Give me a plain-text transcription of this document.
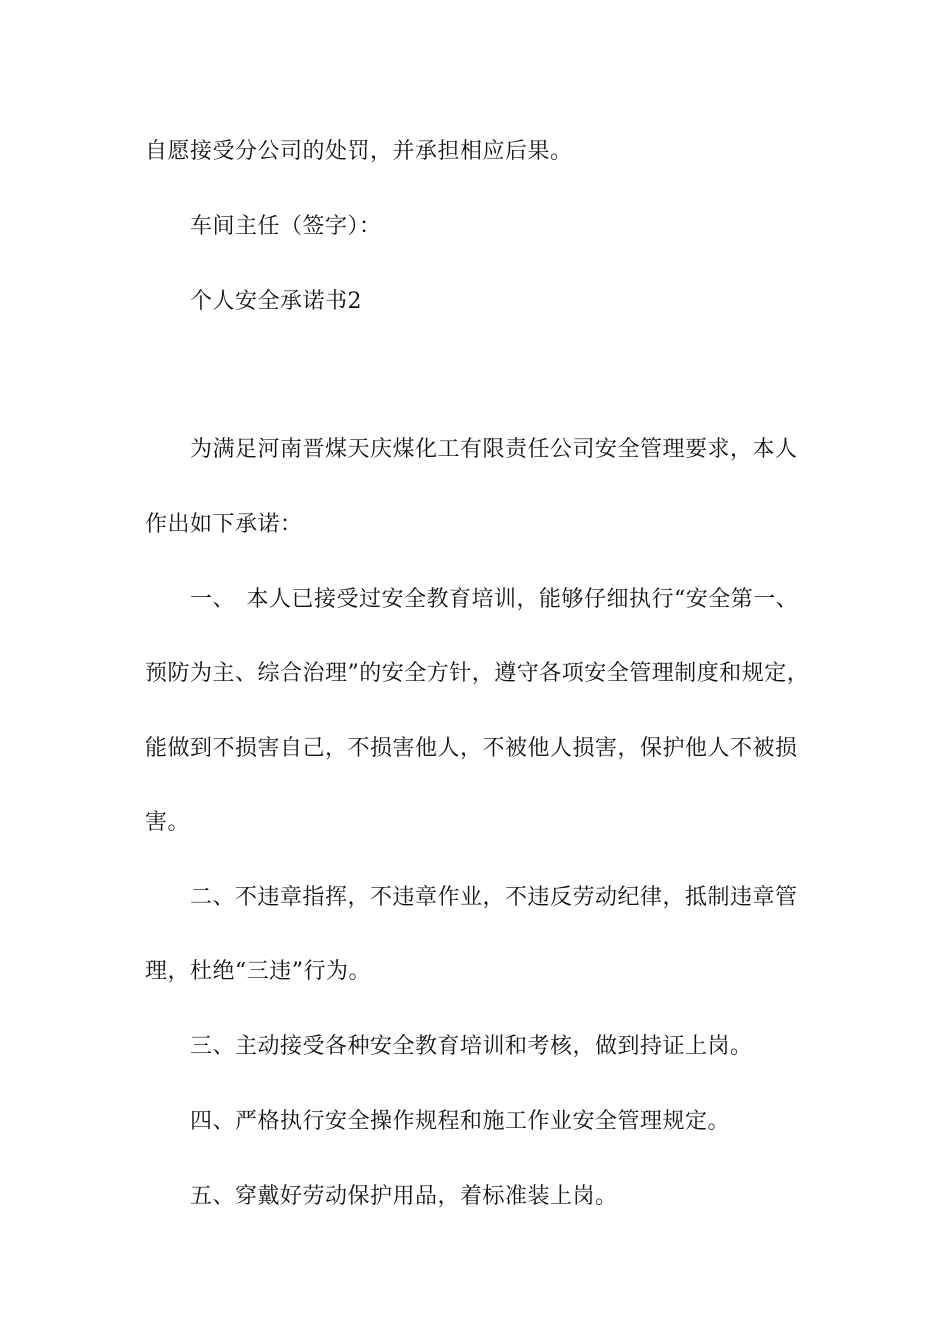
自愿接受分公司的处罚，并承担相应后果。
车间主任（签字）：
个人安全承诺书2
为满足河南晋煤天庆煤化工有限责任公司安全管理要求，本人
作出如下承诺：
一、　本人已接受过安全教育培训，能够仔细执行“安全第一、
预防为主、综合治理”的安全方针，遵守各项安全管理制度和规定，
能做到不损害自己，不损害他人，不被他人损害，保护他人不被损
害。
二、不违章指挥，不违章作业，不违反劳动纪律，抵制违章管
理，杜绝“三违”行为。
三、主动接受各种安全教育培训和考核，做到持证上岗。
四、严格执行安全操作规程和施工作业安全管理规定。
五、穿戴好劳动保护用品，着标准装上岗。
